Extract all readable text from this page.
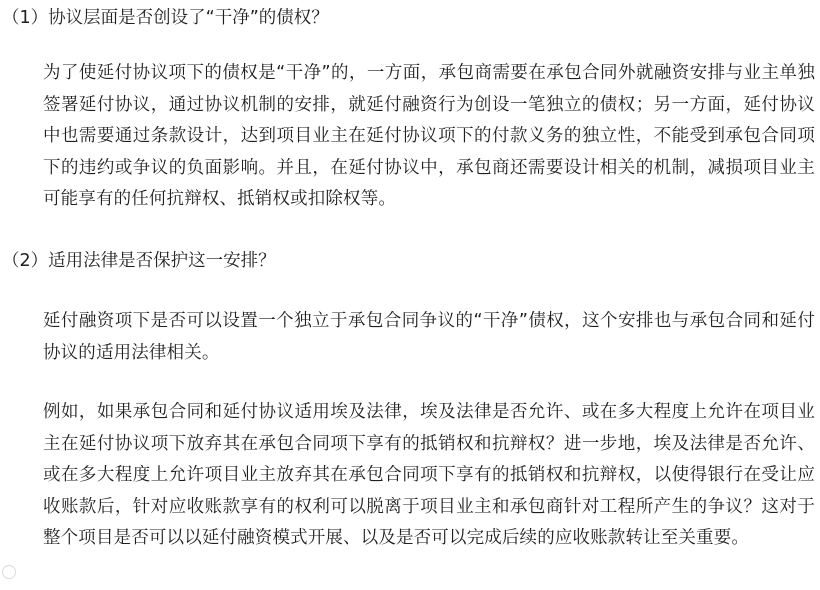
（1）协议层面是否创设了“干净”的债权？

为了使延付协议项下的债权是“干净”的，一方面，承包商需要在承包合同外就融资安排与业主单独签署延付协议，通过协议机制的安排，就延付融资行为创设一笔独立的债权；另一方面，延付协议中也需要通过条款设计，达到项目业主在延付协议项下的付款义务的独立性，不能受到承包合同项下的违约或争议的负面影响。并且，在延付协议中，承包商还需要设计相关的机制，减损项目业主可能享有的任何抗辩权、抵销权或扣除权等。

（2）适用法律是否保护这一安排？

延付融资项下是否可以设置一个独立于承包合同争议的“干净”债权，这个安排也与承包合同和延付协议的适用法律相关。

例如，如果承包合同和延付协议适用埃及法律，埃及法律是否允许、或在多大程度上允许在项目业主在延付协议项下放弃其在承包合同项下享有的抵销权和抗辩权？进一步地，埃及法律是否允许、或在多大程度上允许项目业主放弃其在承包合同项下享有的抵销权和抗辩权，以使得银行在受让应收账款后，针对应收账款享有的权利可以脱离于项目业主和承包商针对工程所产生的争议？这对于整个项目是否可以以延付融资模式开展、以及是否可以完成后续的应收账款转让至关重要。
